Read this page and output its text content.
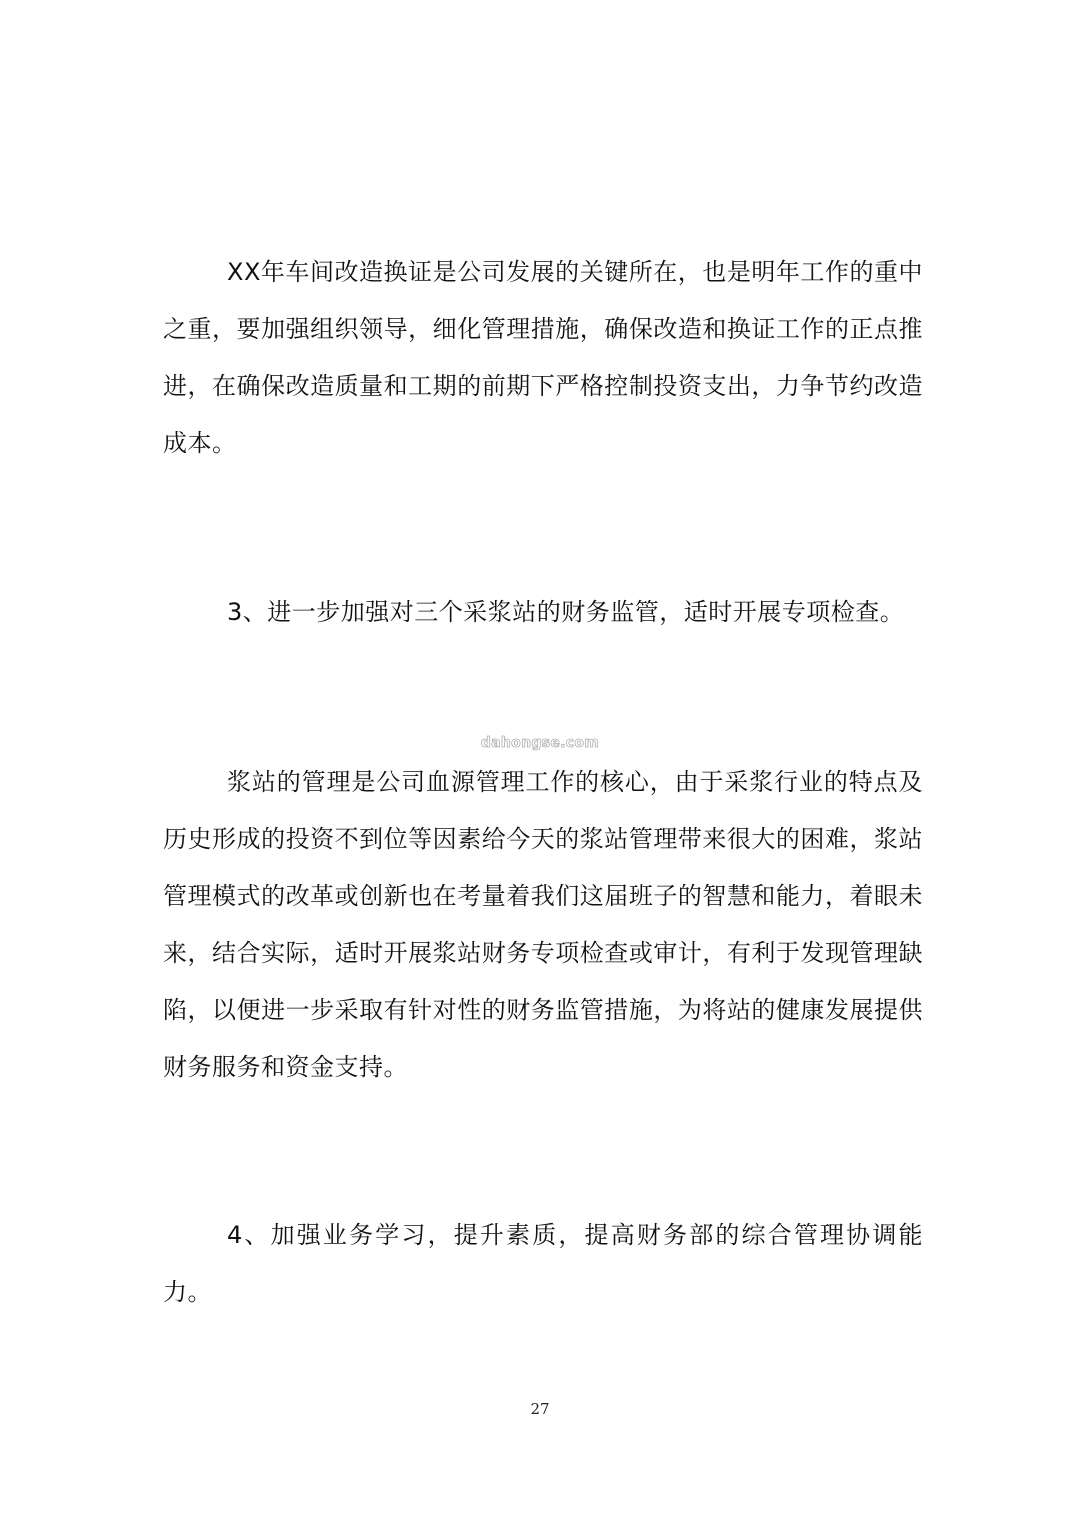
XX年车间改造换证是公司发展的关键所在，也是明年工作的重中之重，要加强组织领导，细化管理措施，确保改造和换证工作的正点推进，在确保改造质量和工期的前期下严格控制投资支出，力争节约改造成本。

3、进一步加强对三个采浆站的财务监管，适时开展专项检查。

dahongse.com

浆站的管理是公司血源管理工作的核心，由于采浆行业的特点及历史形成的投资不到位等因素给今天的浆站管理带来很大的困难，浆站管理模式的改革或创新也在考量着我们这届班子的智慧和能力，着眼未来，结合实际，适时开展浆站财务专项检查或审计，有利于发现管理缺陷，以便进一步采取有针对性的财务监管措施，为将站的健康发展提供财务服务和资金支持。

4、加强业务学习，提升素质，提高财务部的综合管理协调能力。

27
